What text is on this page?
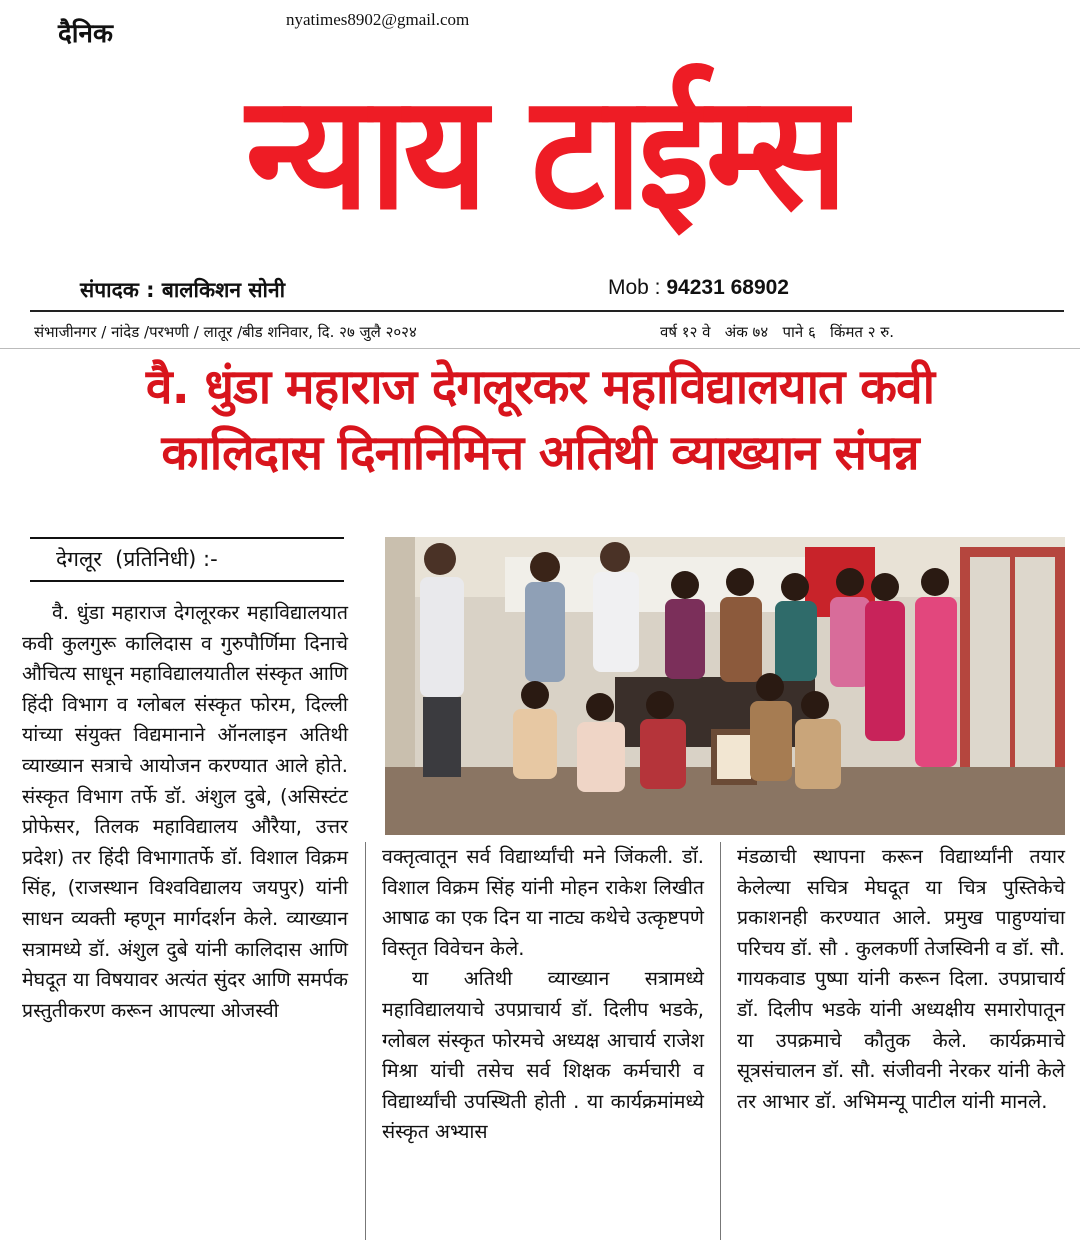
दैनिक	nyatimes8902@gmail.com
न्याय टाईम्स
संपादक : बालकिशन सोनी	Mob : 94231 68902
संभाजीनगर / नांदेड /परभणी / लातूर /बीड शनिवार, दि. २७ जुलै २०२४	वर्ष १२ वे   अंक ७४   पाने ६   किंमत २ रु.
वै. धुंडा महाराज देगलूरकर महाविद्यालयात कवी
कालिदास दिनानिमित्त अतिथी व्याख्यान संपन्न
देगलूर  (प्रतिनिधी) :-

वै. धुंडा महाराज देगलूरकर महाविद्यालयात कवी कुलगुरू कालिदास व गुरुपौर्णिमा दिनाचे औचित्य साधून महाविद्यालयातील संस्कृत आणि हिंदी विभाग व ग्लोबल संस्कृत फोरम, दिल्ली यांच्या संयुक्त विद्यमानाने ऑनलाइन अतिथी व्याख्यान सत्राचे आयोजन करण्यात आले होते. संस्कृत विभाग तर्फे डॉ. अंशुल दुबे, (असिस्टंट प्रोफेसर, तिलक महाविद्यालय औरैया, उत्तर प्रदेश) तर हिंदी विभागातर्फे डॉ. विशाल विक्रम सिंह, (राजस्थान विश्वविद्यालय जयपुर) यांनी साधन व्यक्ती म्हणून मार्गदर्शन केले. व्याख्यान सत्रामध्ये डॉ. अंशुल दुबे यांनी कालिदास आणि मेघदूत या विषयावर अत्यंत सुंदर आणि समर्पक प्रस्तुतीकरण करून आपल्या ओजस्वी

वक्तृत्वातून सर्व विद्यार्थ्यांची मने जिंकली. डॉ. विशाल विक्रम सिंह यांनी मोहन राकेश लिखीत आषाढ का एक दिन या नाट्य कथेचे उत्कृष्टपणे विस्तृत विवेचन केले.

या अतिथी व्याख्यान सत्रामध्ये महाविद्यालयाचे उपप्राचार्य डॉ. दिलीप भडके, ग्लोबल संस्कृत फोरमचे अध्यक्ष आचार्य राजेश मिश्रा यांची तसेच सर्व शिक्षक कर्मचारी व विद्यार्थ्यांची उपस्थिती होती . या कार्यक्रमांमध्ये संस्कृत अभ्यास

मंडळाची स्थापना करून विद्यार्थ्यांनी तयार केलेल्या सचित्र मेघदूत या चित्र पुस्तिकेचे प्रकाशनही करण्यात आले. प्रमुख पाहुण्यांचा परिचय डॉ. सौ . कुलकर्णी तेजस्विनी व डॉ. सौ. गायकवाड पुष्पा यांनी करून दिला. उपप्राचार्य डॉ. दिलीप भडके यांनी अध्यक्षीय समारोपातून या उपक्रमाचे कौतुक केले. कार्यक्रमाचे सूत्रसंचालन डॉ. सौ. संजीवनी नेरकर यांनी केले तर आभार डॉ. अभिमन्यू पाटील यांनी मानले.
